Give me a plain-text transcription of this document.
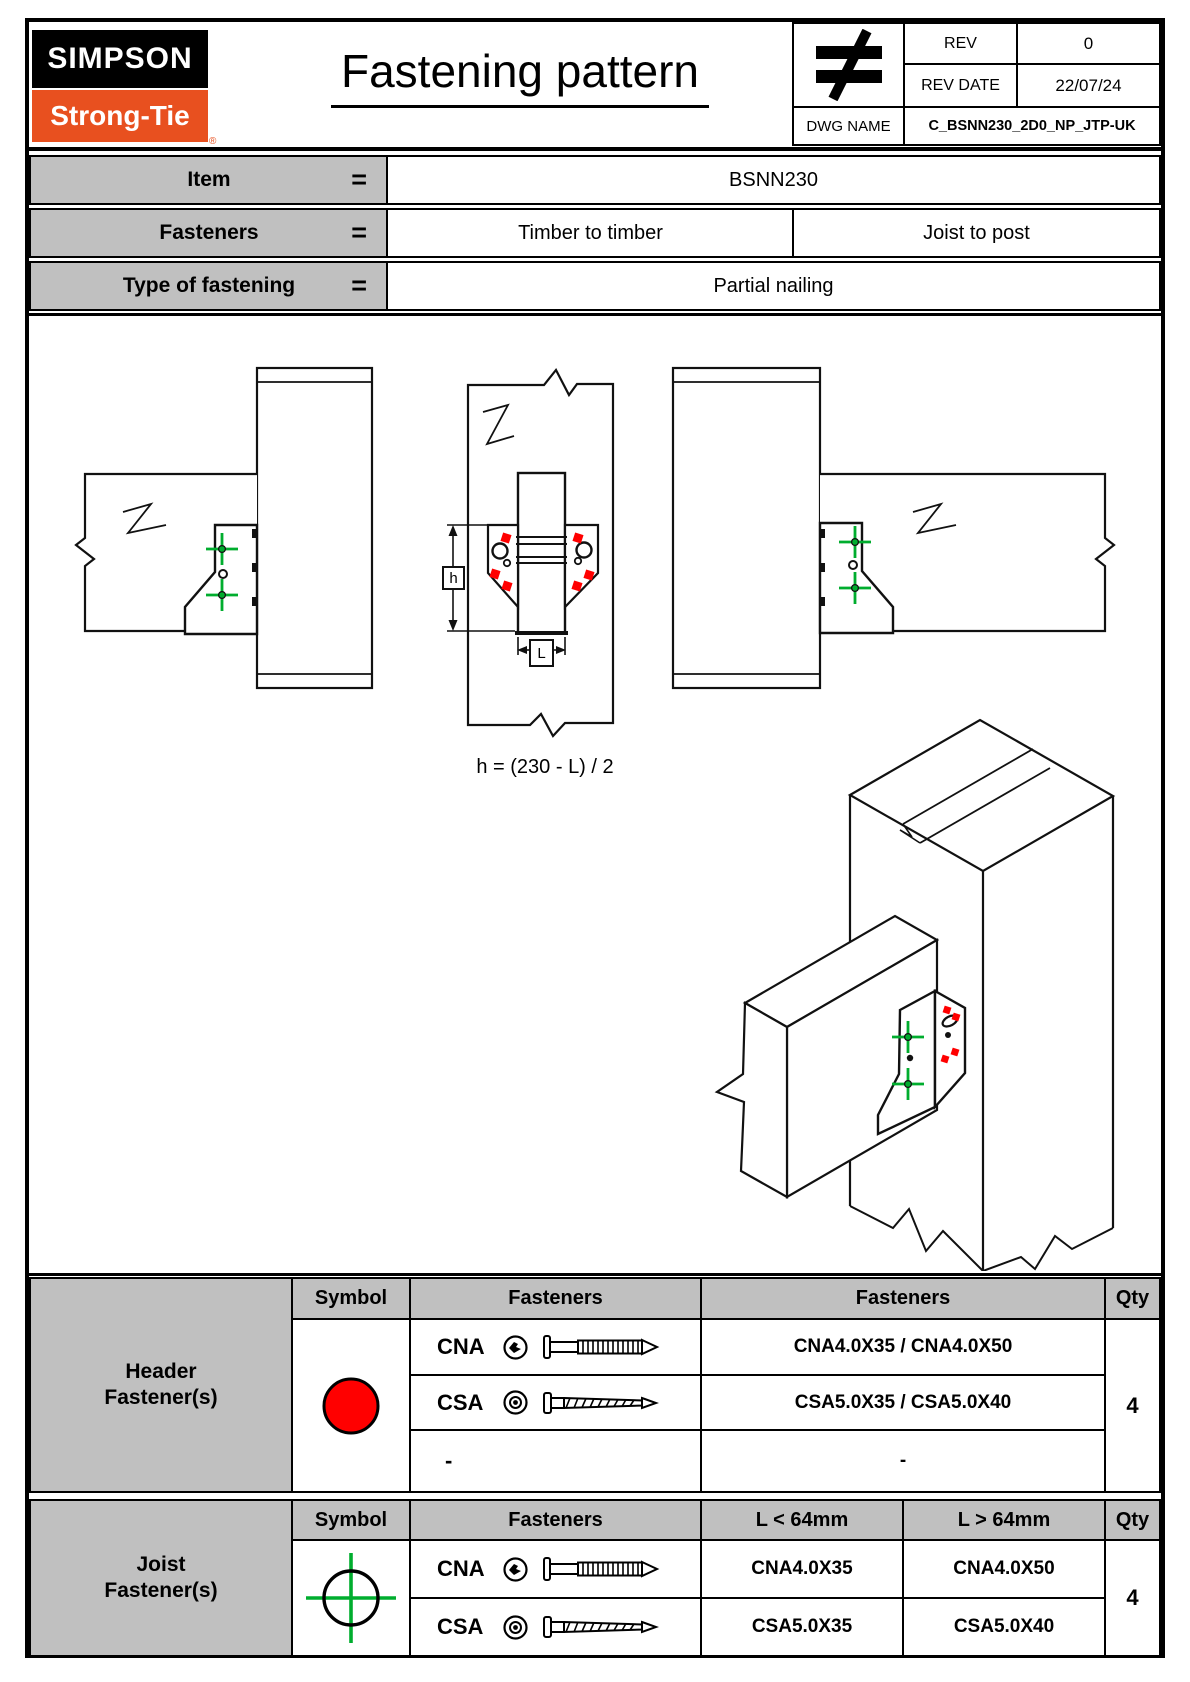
SIMPSON
Strong-Tie
®
Fastening pattern
REV	0
REV DATE	22/07/24
DWG NAME	C_BSNN230_2D0_NP_JTP-UK
Item	=	BSNN230
Fasteners	=	Timber to timber	Joist to post
Type of fastening =	Partial nailing
h
L
h = (230 - L) / 2
Header Fastener(s)
Symbol	Fasteners	Fasteners	Qty
CNA	CNA4.0X35 / CNA4.0X50
CSA	CSA5.0X35 / CSA5.0X40
-	-
4
Joist Fastener(s)
Symbol	Fasteners	L < 64mm	L > 64mm	Qty
CNA	CNA4.0X35	CNA4.0X50
CSA	CSA5.0X35	CSA5.0X40
4
